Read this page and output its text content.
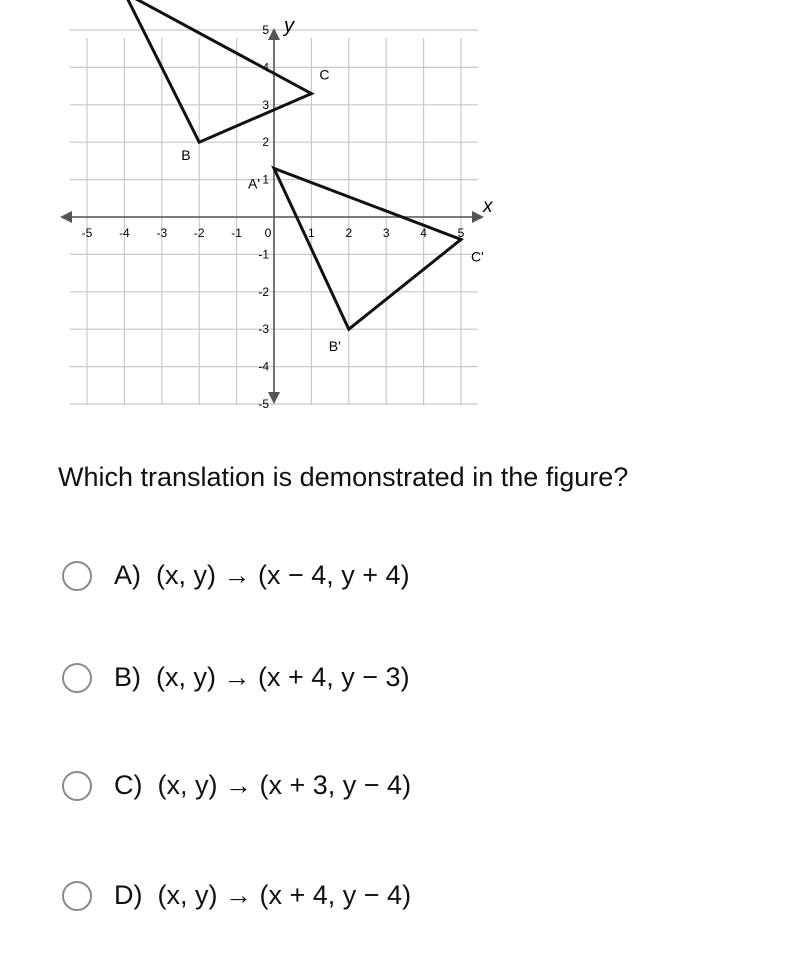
x
y
-5 -4 -3 -2 -1 0	1	2	3	4	5
5
4
3
2
1
-1
-2
-3
-4
-5
B
C
A'
B'
C'
Which translation is demonstrated in the figure?
A) (x, y) → (x − 4, y + 4)
B) (x, y) → (x + 4, y − 3)
C) (x, y) → (x + 3, y − 4)
D) (x, y) → (x + 4, y − 4)
